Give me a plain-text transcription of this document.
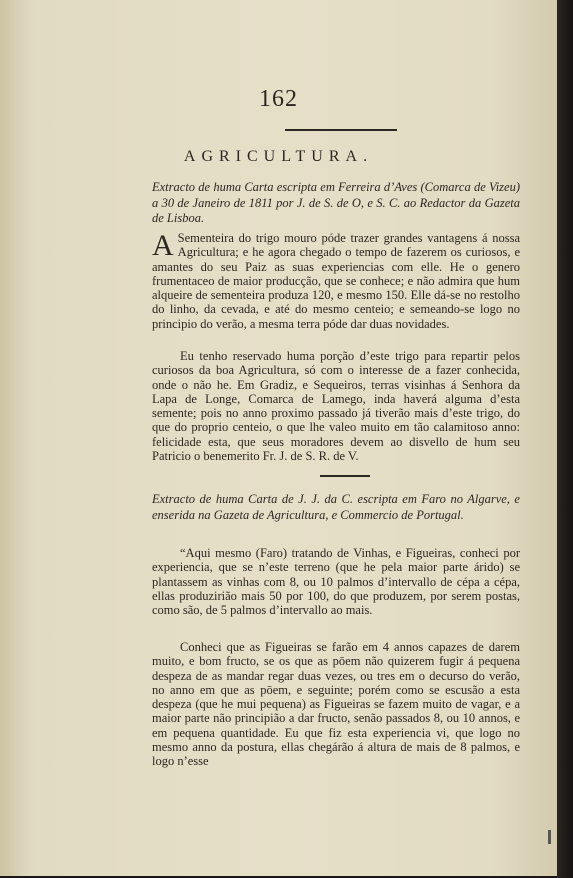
162
AGRICULTURA.
Extracto de huma Carta escripta em Ferreira d’Aves (Comarca de Vizeu) a 30 de Janeiro de 1811 por J. de S. de O, e S. C. ao Redactor da Gazeta de Lisboa.
A Sementeira do trigo mouro póde trazer grandes vantagens á nossa Agricultura; e he agora chegado o tempo de fazerem os curiosos, e amantes do seu Paiz as suas experiencias com elle. He o genero frumentaceo de maior producção, que se conhece; e não admira que hum alqueire de sementeira produza 120, e mesmo 150. Elle dá-se no restolho do linho, da cevada, e até do mesmo centeio; e semeando-se logo no principio do verão, a mesma terra póde dar duas novidades.
Eu tenho reservado huma porção d’este trigo para repartir pelos curiosos da boa Agricultura, só com o interesse de a fazer conhecida, onde o não he. Em Gradiz, e Sequeiros, terras visinhas á Senhora da Lapa de Longe, Comarca de Lamego, inda haverá alguma d’esta semente; pois no anno proximo passado já tiverão mais d’este trigo, do que do proprio centeio, o que lhe valeo muito em tão calamitoso anno: felicidade esta, que seus moradores devem ao disvello de hum seu Patricio o benemerito Fr. J. de S. R. de V.
Extracto de huma Carta de J. J. da C. escripta em Faro no Algarve, e enserida na Gazeta de Agricultura, e Commercio de Portugal.
“Aqui mesmo (Faro) tratando de Vinhas, e Figueiras, conheci por experiencia, que se n’este terreno (que he pela maior parte árido) se plantassem as vinhas com 8, ou 10 palmos d’intervallo de cépa a cépa, ellas produzirião mais 50 por 100, do que produzem, por serem postas, como são, de 5 palmos d’intervallo ao mais.
Conheci que as Figueiras se farão em 4 annos capazes de darem muito, e bom fructo, se os que as pōem não quizerem fugir á pequena despeza de as mandar regar duas vezes, ou tres em o decurso do verão, no anno em que as pōem, e seguinte; porém como se escusão a esta despeza (que he mui pequena) as Figueiras se fazem muito de vagar, e a maior parte não principião a dar fructo, senão passados 8, ou 10 annos, e em pequena quantidade. Eu que fiz esta experiencia vi, que logo no mesmo anno da postura, ellas chegárão á altura de mais de 8 palmos, e logo n’esse
